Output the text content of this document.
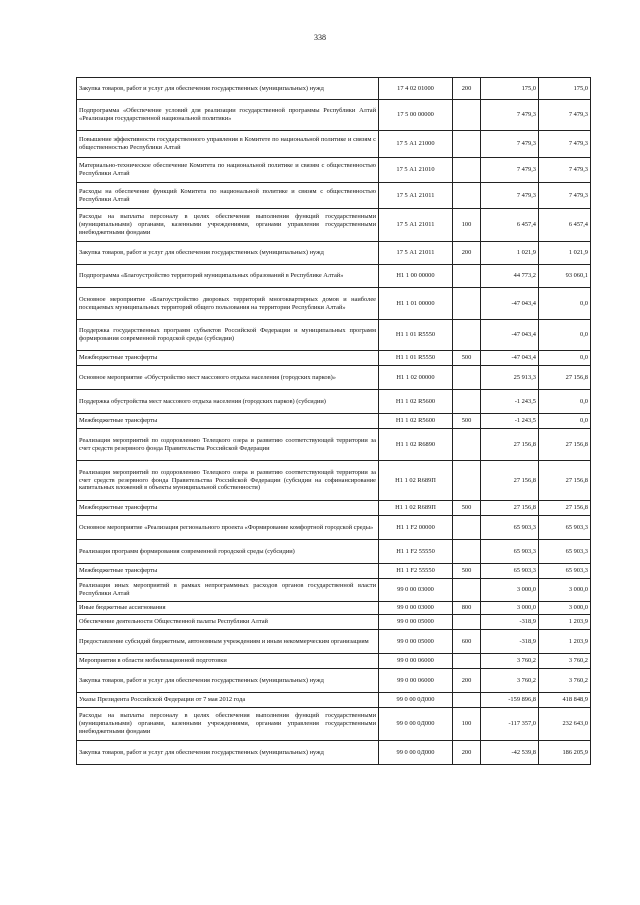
338
Закупка товаров, работ и услуг для обеспечения государственных (муниципальных) нужд	17 4 02 01000	200	175,0	175,0
Подпрограмма «Обеспечение условий для реализации государственной программы Республики Алтай «Реализация государственной национальной политики»	17 5 00 00000		7 479,3	7 479,3
Повышение эффективности государственного управления в Комитете по национальной политике и связям с общественностью Республики Алтай	17 5 А1 21000		7 479,3	7 479,3
Материально-техническое обеспечение Комитета по национальной политике и связям с общественностью Республики Алтай	17 5 А1 21010		7 479,3	7 479,3
Расходы на обеспечение функций Комитета по национальной политике и связям с общественностью Республики Алтай	17 5 А1 21011		7 479,3	7 479,3
Расходы на выплаты персоналу в целях обеспечения выполнения функций государственными (муниципальными) органами, казенными учреждениями, органами управления государственными внебюджетными фондами	17 5 А1 21011	100	6 457,4	6 457,4
Закупка товаров, работ и услуг для обеспечения государственных (муниципальных) нужд	17 5 А1 21011	200	1 021,9	1 021,9
Подпрограмма «Благоустройство территорий муниципальных образований в Республике Алтай»	Н1 1 00 00000		44 773,2	93 060,1
Основное мероприятие «Благоустройство дворовых территорий многоквартирных домов и наиболее посещаемых муниципальных территорий общего пользования на территории Республики Алтай»	Н1 1 01 00000		-47 043,4	0,0
Поддержка государственных программ субъектов Российской Федерации и муниципальных программ формирования современной городской среды (субсидии)	Н1 1 01 R5550		-47 043,4	0,0
Межбюджетные трансферты	Н1 1 01 R5550	500	-47 043,4	0,0
Основное мероприятие «Обустройство мест массового отдыха населения (городских парков)»	Н1 1 02 00000		25 913,3	27 156,8
Поддержка обустройства мест массового отдыха населения (городских парков) (субсидии)	Н1 1 02 R5600		-1 243,5	0,0
Межбюджетные трансферты	Н1 1 02 R5600	500	-1 243,5	0,0
Реализация мероприятий по оздоровлению Телецкого озера и развитию соответствующей территории за счет средств резервного фонда Правительства Российской Федерации	Н1 1 02 R6890		27 156,8	27 156,8
Реализация мероприятий по оздоровлению Телецкого озера и развитию соответствующей территории за счет средств резервного фонда Правительства Российской Федерации (субсидии на софинансирование капитальных вложений в объекты муниципальной собственности)	Н1 1 02 R689П		27 156,8	27 156,8
Межбюджетные трансферты	Н1 1 02 R689П	500	27 156,8	27 156,8
Основное мероприятие «Реализация регионального проекта «Формирование комфортной городской среды»	Н1 1 F2 00000		65 903,3	65 903,3
Реализация программ формирования современной городской среды (субсидии)	Н1 1 F2 55550		65 903,3	65 903,3
Межбюджетные трансферты	Н1 1 F2 55550	500	65 903,3	65 903,3
Реализация иных мероприятий в рамках непрограммных расходов органов государственной власти Республики Алтай	99 0 00 03000		3 000,0	3 000,0
Иные бюджетные ассигнования	99 0 00 03000	800	3 000,0	3 000,0
Обеспечение деятельности Общественной палаты Республики Алтай	99 0 00 05000		-318,9	1 203,9
Предоставление субсидий бюджетным, автономным учреждениям и иным некоммерческим организациям	99 0 00 05000	600	-318,9	1 203,9
Мероприятия в области мобилизационной подготовки	99 0 00 06000		3 760,2	3 760,2
Закупка товаров, работ и услуг для обеспечения государственных (муниципальных) нужд	99 0 00 06000	200	3 760,2	3 760,2
Указы Президента Российской Федерации от 7 мая 2012 года	99 0 00 0Д000		-159 896,8	418 848,9
Расходы на выплаты персоналу в целях обеспечения выполнения функций государственными (муниципальными) органами, казенными учреждениями, органами управления государственными внебюджетными фондами	99 0 00 0Д000	100	-117 357,0	232 643,0
Закупка товаров, работ и услуг для обеспечения государственных (муниципальных) нужд	99 0 00 0Д000	200	-42 539,8	186 205,9
